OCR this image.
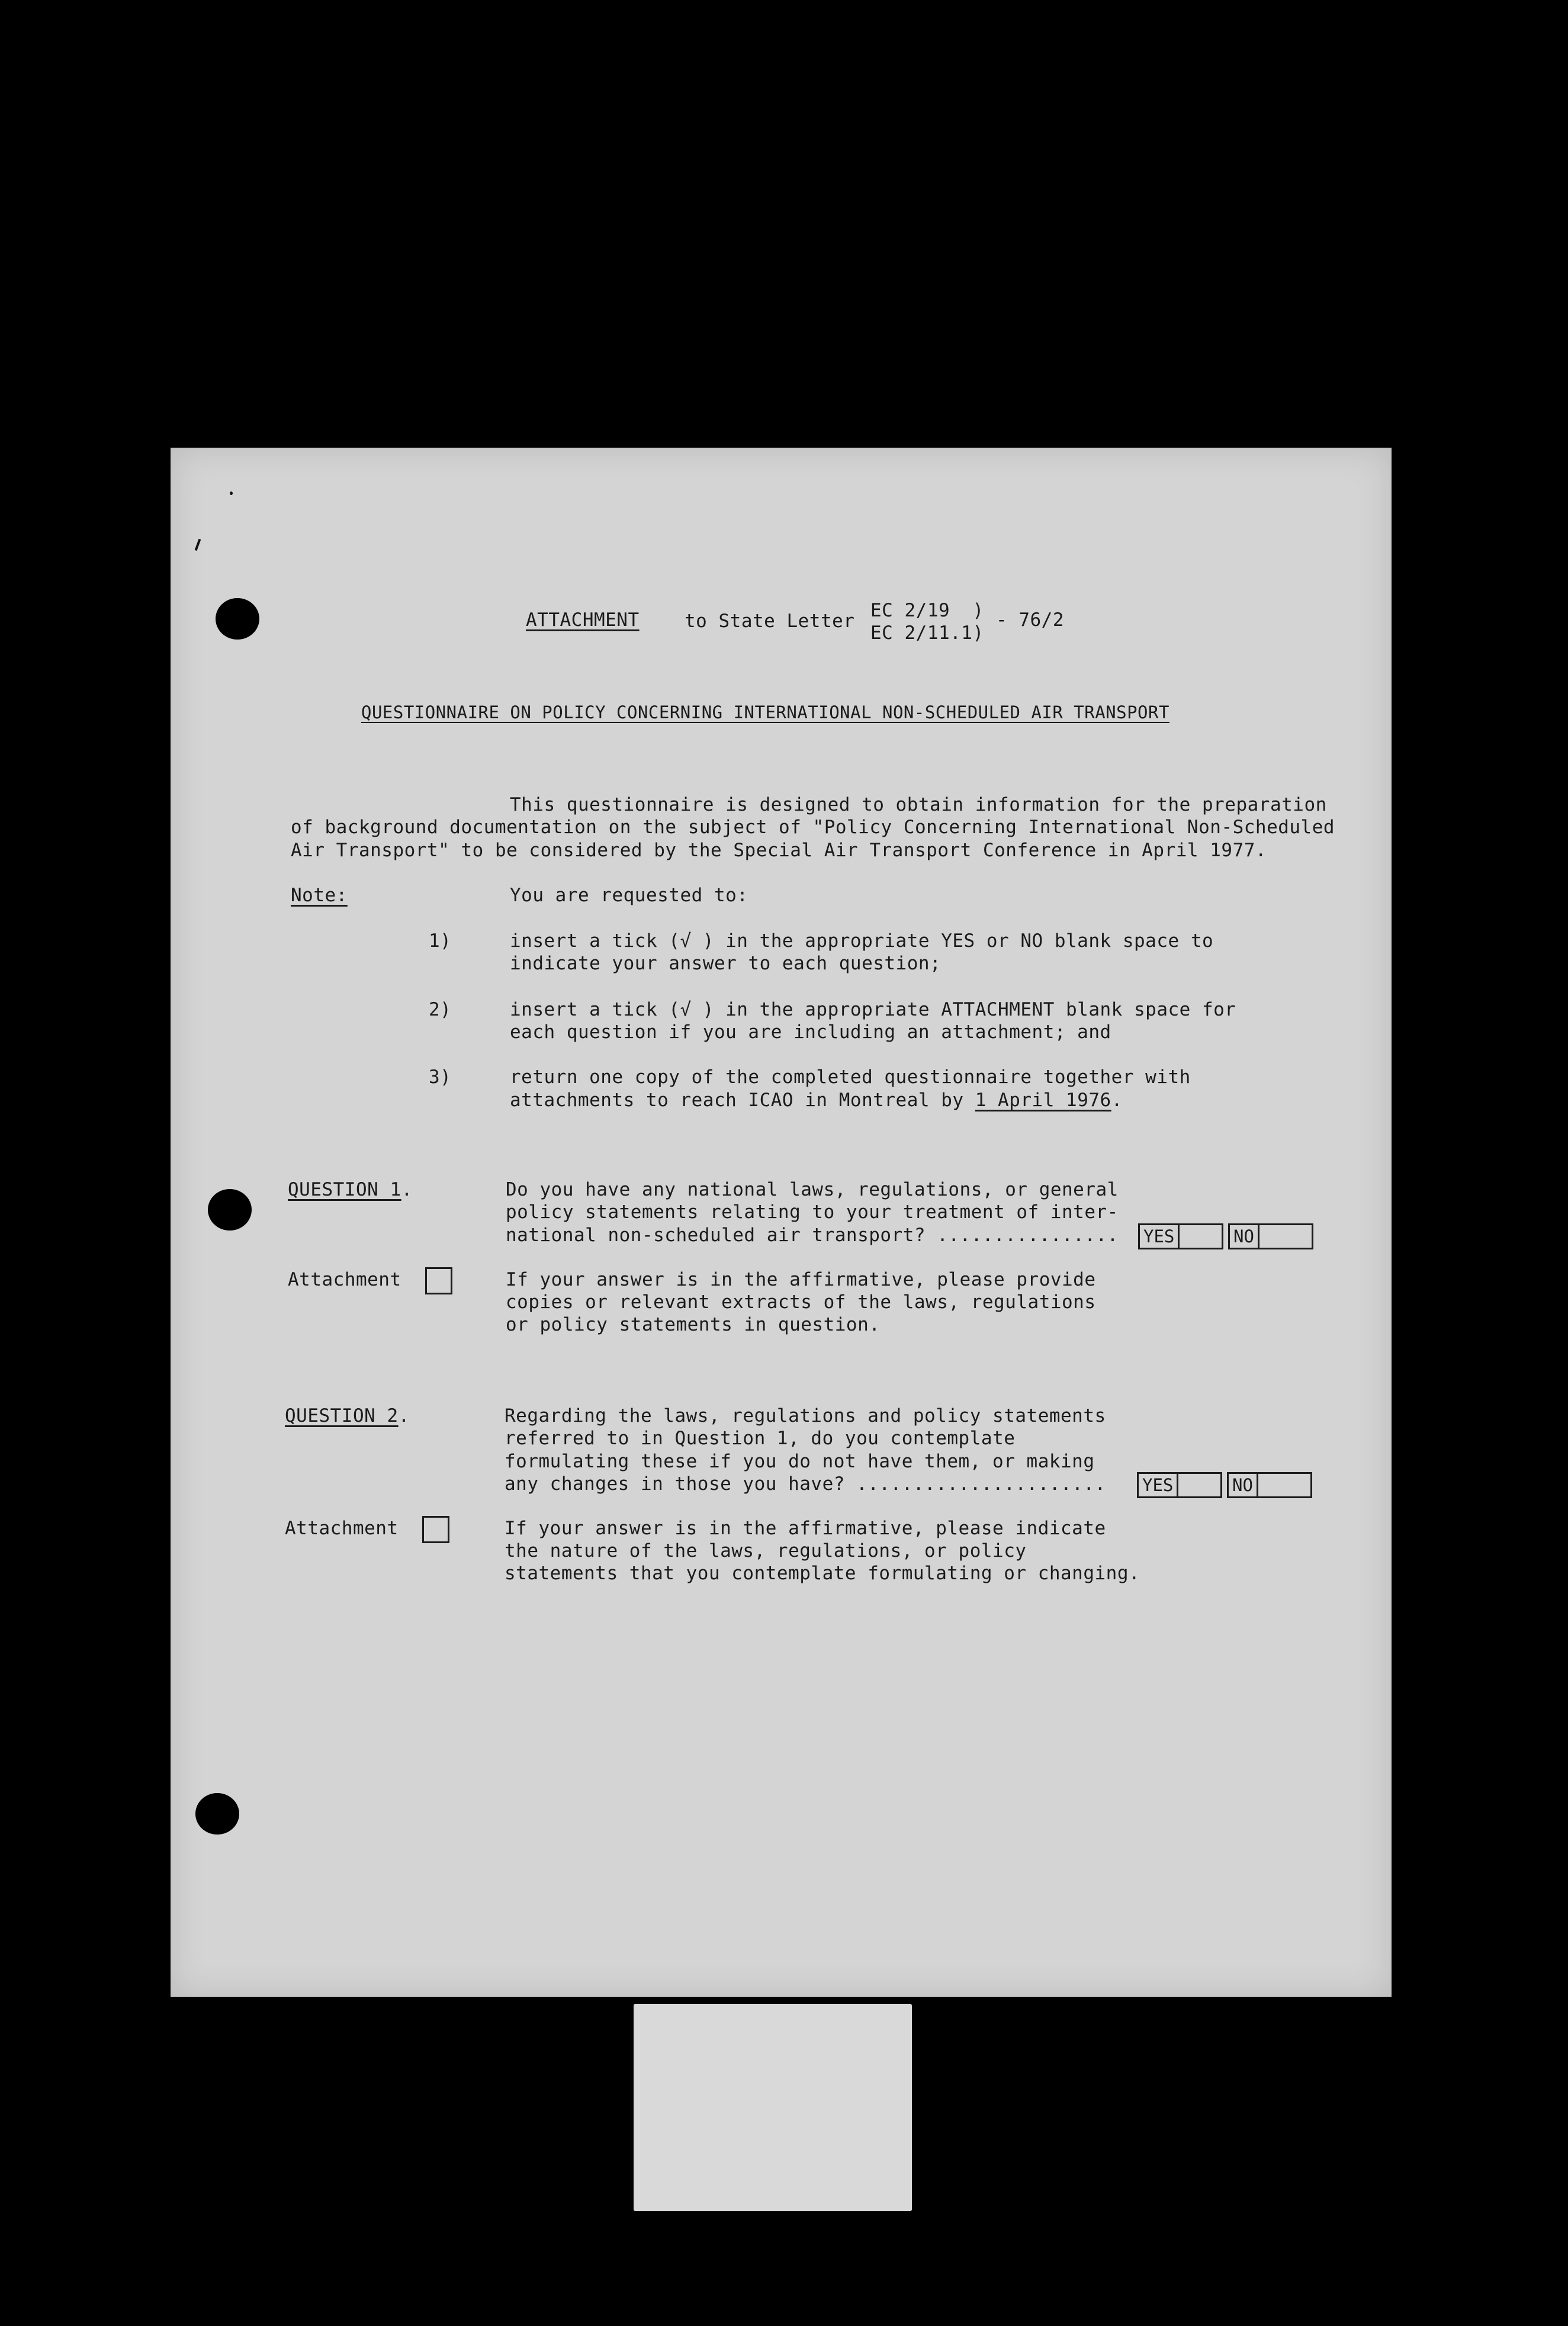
ATTACHMENT to State Letter EC 2/19  )
EC 2/11.1)
- 76/2
QUESTIONNAIRE ON POLICY CONCERNING INTERNATIONAL NON-SCHEDULED AIR TRANSPORT
This questionnaire is designed to obtain information for the preparation
of background documentation on the subject of "Policy Concerning International Non-Scheduled
Air Transport" to be considered by the Special Air Transport Conference in April 1977.
Note:	You are requested to:
1)	insert a tick (√ ) in the appropriate YES or NO blank space to
indicate your answer to each question;
2)	insert a tick (√ ) in the appropriate ATTACHMENT blank space for
each question if you are including an attachment; and
3)	return one copy of the completed questionnaire together with
attachments to reach ICAO in Montreal by 1 April 1976.
QUESTION 1.	Do you have any national laws, regulations, or general
policy statements relating to your treatment of inter-
national non-scheduled air transport? ................ YES	NO
Attachment	If your answer is in the affirmative, please provide
copies or relevant extracts of the laws, regulations
or policy statements in question.
QUESTION 2.	Regarding the laws, regulations and policy statements
referred to in Question 1, do you contemplate
formulating these if you do not have them, or making
any changes in those you have? ...................... YES	NO
Attachment	If your answer is in the affirmative, please indicate
the nature of the laws, regulations, or policy
statements that you contemplate formulating or changing.
